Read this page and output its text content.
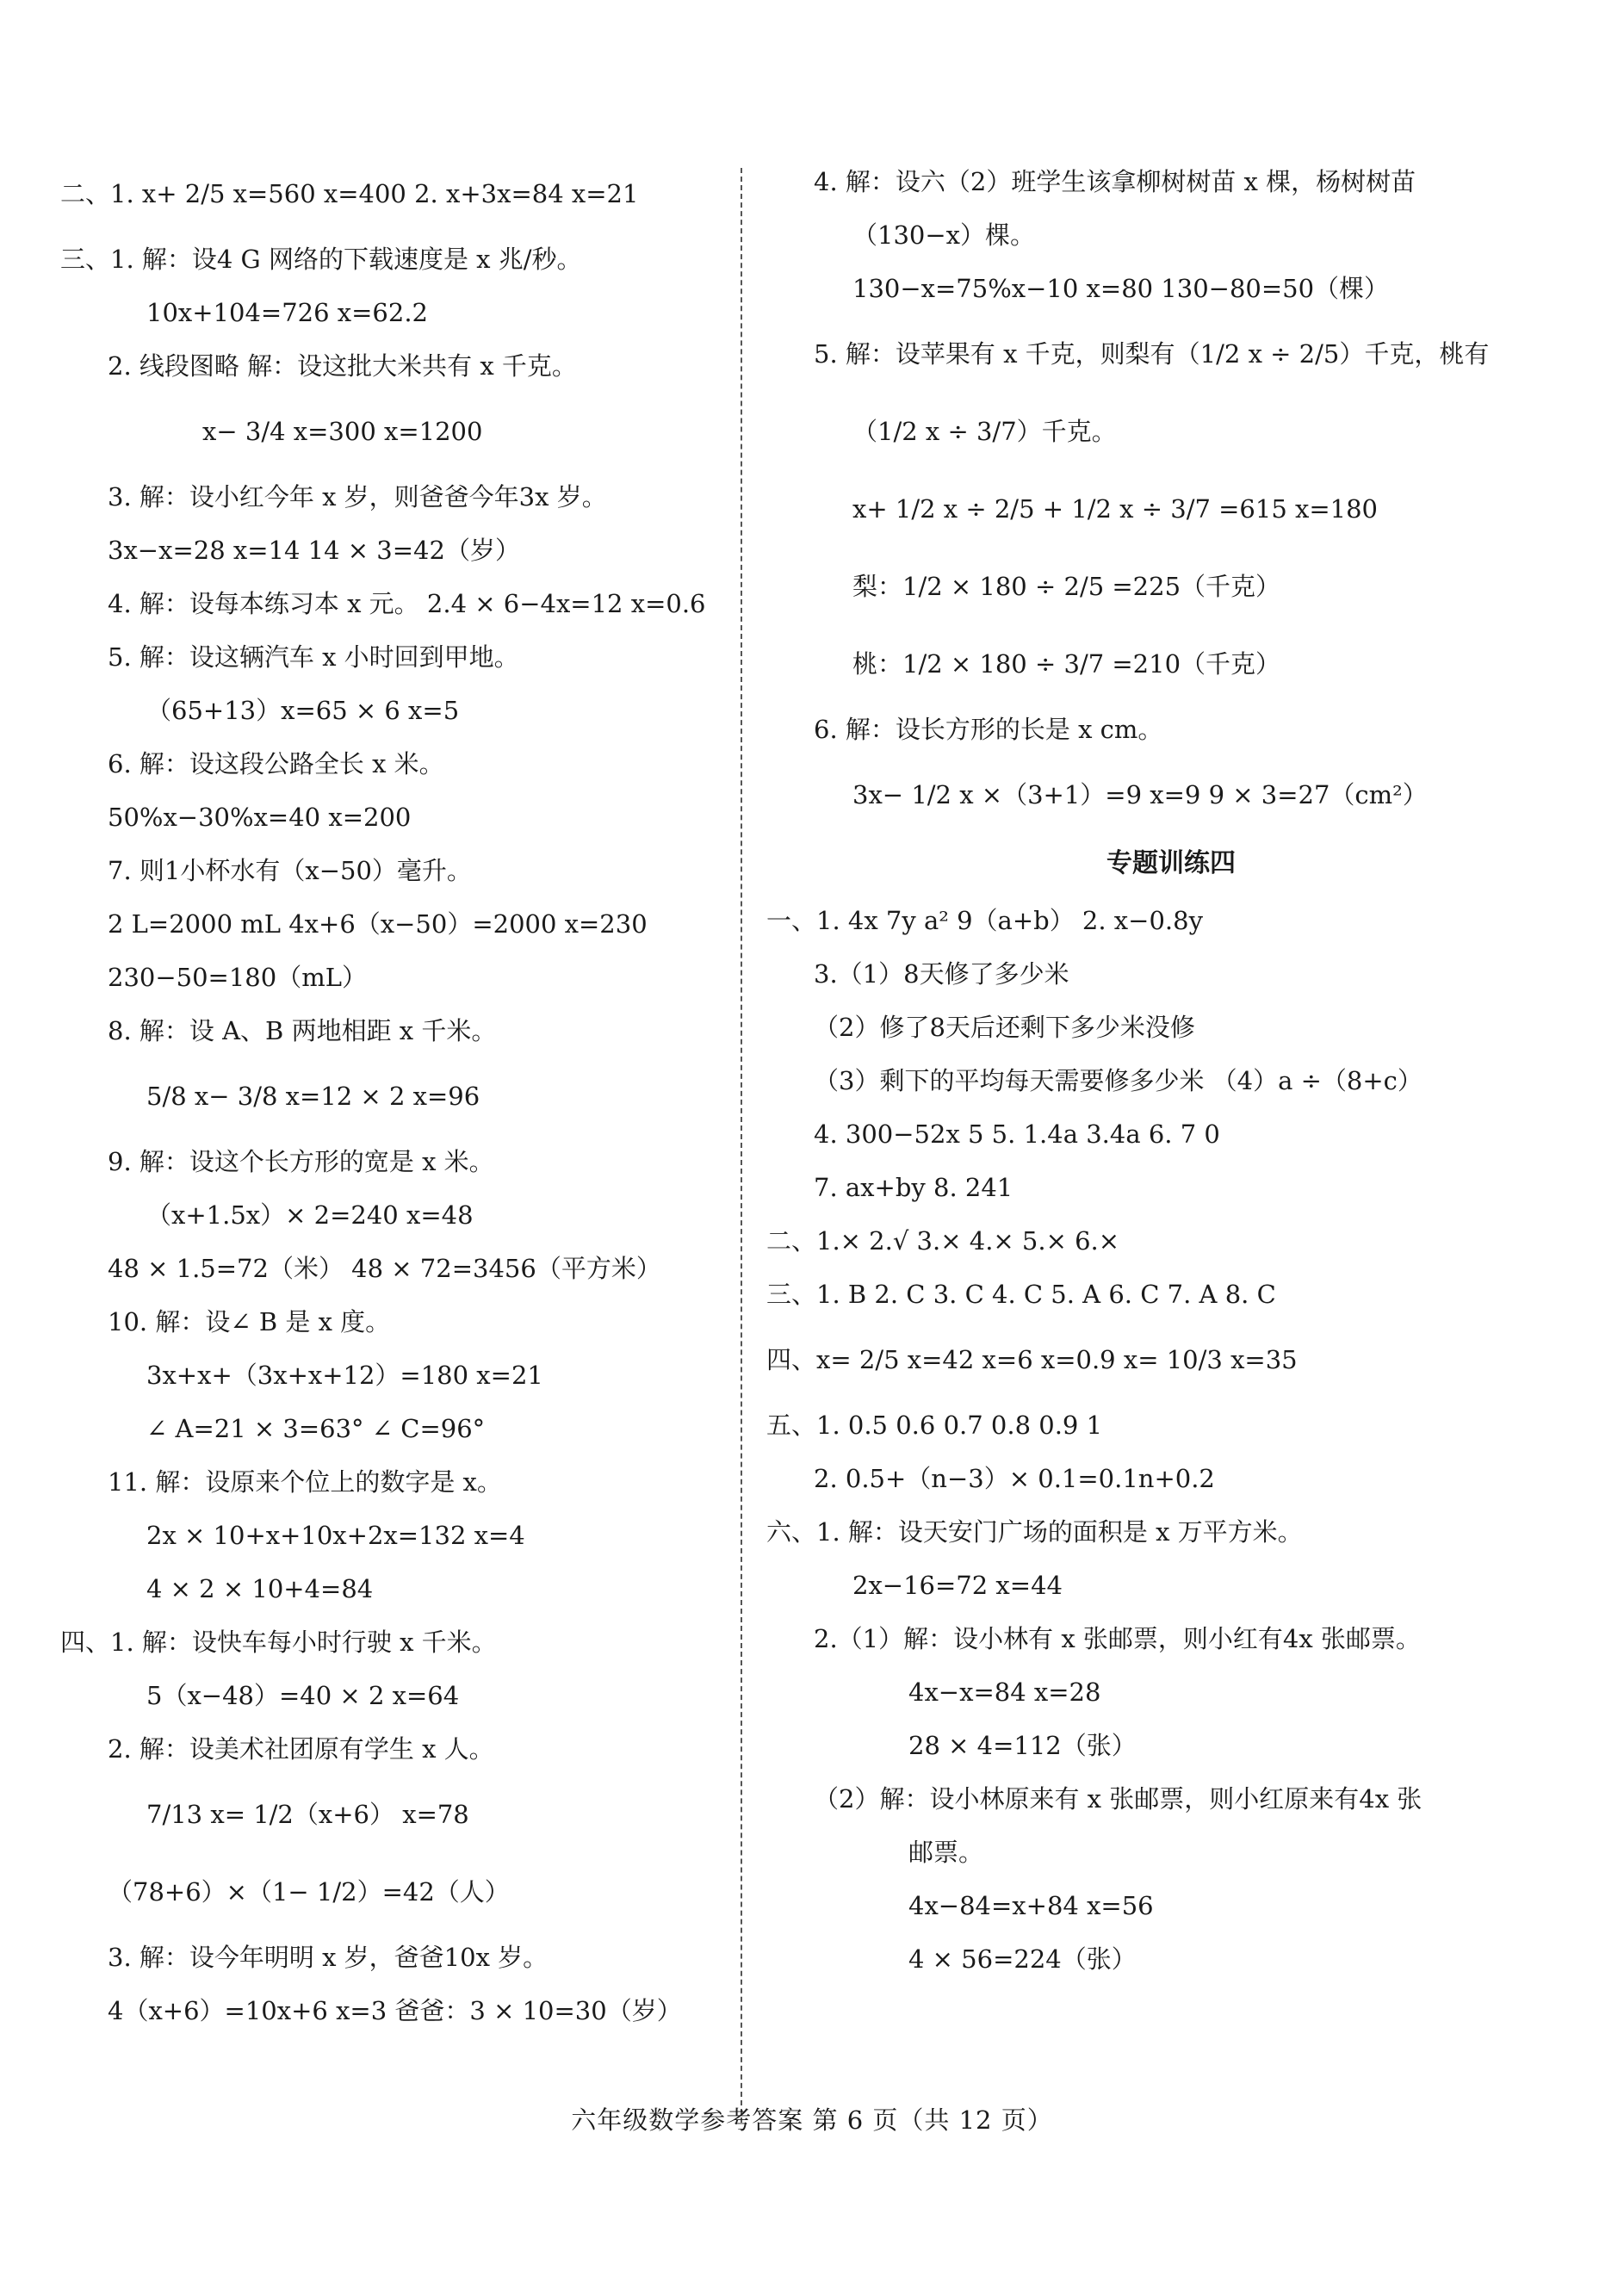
二、1. x+ 2/5 x=560 x=400 2. x+3x=84 x=21
三、1. 解：设4 G 网络的下载速度是 x 兆/秒。
10x+104=726 x=62.2
2. 线段图略 解：设这批大米共有 x 千克。
x− 3/4 x=300 x=1200
3. 解：设小红今年 x 岁，则爸爸今年3x 岁。
3x−x=28 x=14 14 × 3=42（岁）
4. 解：设每本练习本 x 元。 2.4 × 6−4x=12 x=0.6
5. 解：设这辆汽车 x 小时回到甲地。
（65+13）x=65 × 6 x=5
6. 解：设这段公路全长 x 米。
50%x−30%x=40 x=200
7. 则1小杯水有（x−50）毫升。
2 L=2000 mL 4x+6（x−50）=2000 x=230
230−50=180（mL）
8. 解：设 A、B 两地相距 x 千米。
5/8 x− 3/8 x=12 × 2 x=96
9. 解：设这个长方形的宽是 x 米。
（x+1.5x）× 2=240 x=48
48 × 1.5=72（米） 48 × 72=3456（平方米）
10. 解：设∠ B 是 x 度。
3x+x+（3x+x+12）=180 x=21
∠ A=21 × 3=63° ∠ C=96°
11. 解：设原来个位上的数字是 x。
2x × 10+x+10x+2x=132 x=4
4 × 2 × 10+4=84
四、1. 解：设快车每小时行驶 x 千米。
5（x−48）=40 × 2 x=64
2. 解：设美术社团原有学生 x 人。
7/13 x= 1/2（x+6） x=78
（78+6）×（1− 1/2）=42（人）
3. 解：设今年明明 x 岁，爸爸10x 岁。
4（x+6）=10x+6 x=3 爸爸：3 × 10=30（岁）
4. 解：设六（2）班学生该拿柳树树苗 x 棵，杨树树苗
（130−x）棵。
130−x=75%x−10 x=80 130−80=50（棵）
5. 解：设苹果有 x 千克，则梨有（1/2 x ÷ 2/5）千克，桃有
（1/2 x ÷ 3/7）千克。
x+ 1/2 x ÷ 2/5 + 1/2 x ÷ 3/7 =615 x=180
梨：1/2 × 180 ÷ 2/5 =225（千克）
桃：1/2 × 180 ÷ 3/7 =210（千克）
6. 解：设长方形的长是 x cm。
3x− 1/2 x ×（3+1）=9 x=9 9 × 3=27（cm²）
专题训练四
一、1. 4x 7y a² 9（a+b） 2. x−0.8y
3.（1）8天修了多少米
（2）修了8天后还剩下多少米没修
（3）剩下的平均每天需要修多少米 （4）a ÷（8+c）
4. 300−52x 5 5. 1.4a 3.4a 6. 7 0
7. ax+by 8. 241
二、1.× 2.√ 3.× 4.× 5.× 6.×
三、1. B 2. C 3. C 4. C 5. A 6. C 7. A 8. C
四、x= 2/5 x=42 x=6 x=0.9 x= 10/3 x=35
五、1. 0.5 0.6 0.7 0.8 0.9 1
2. 0.5+（n−3）× 0.1=0.1n+0.2
六、1. 解：设天安门广场的面积是 x 万平方米。
2x−16=72 x=44
2.（1）解：设小林有 x 张邮票，则小红有4x 张邮票。
4x−x=84 x=28
28 × 4=112（张）
（2）解：设小林原来有 x 张邮票，则小红原来有4x 张
邮票。
4x−84=x+84 x=56
4 × 56=224（张）
六年级数学参考答案 第 6 页（共 12 页）
